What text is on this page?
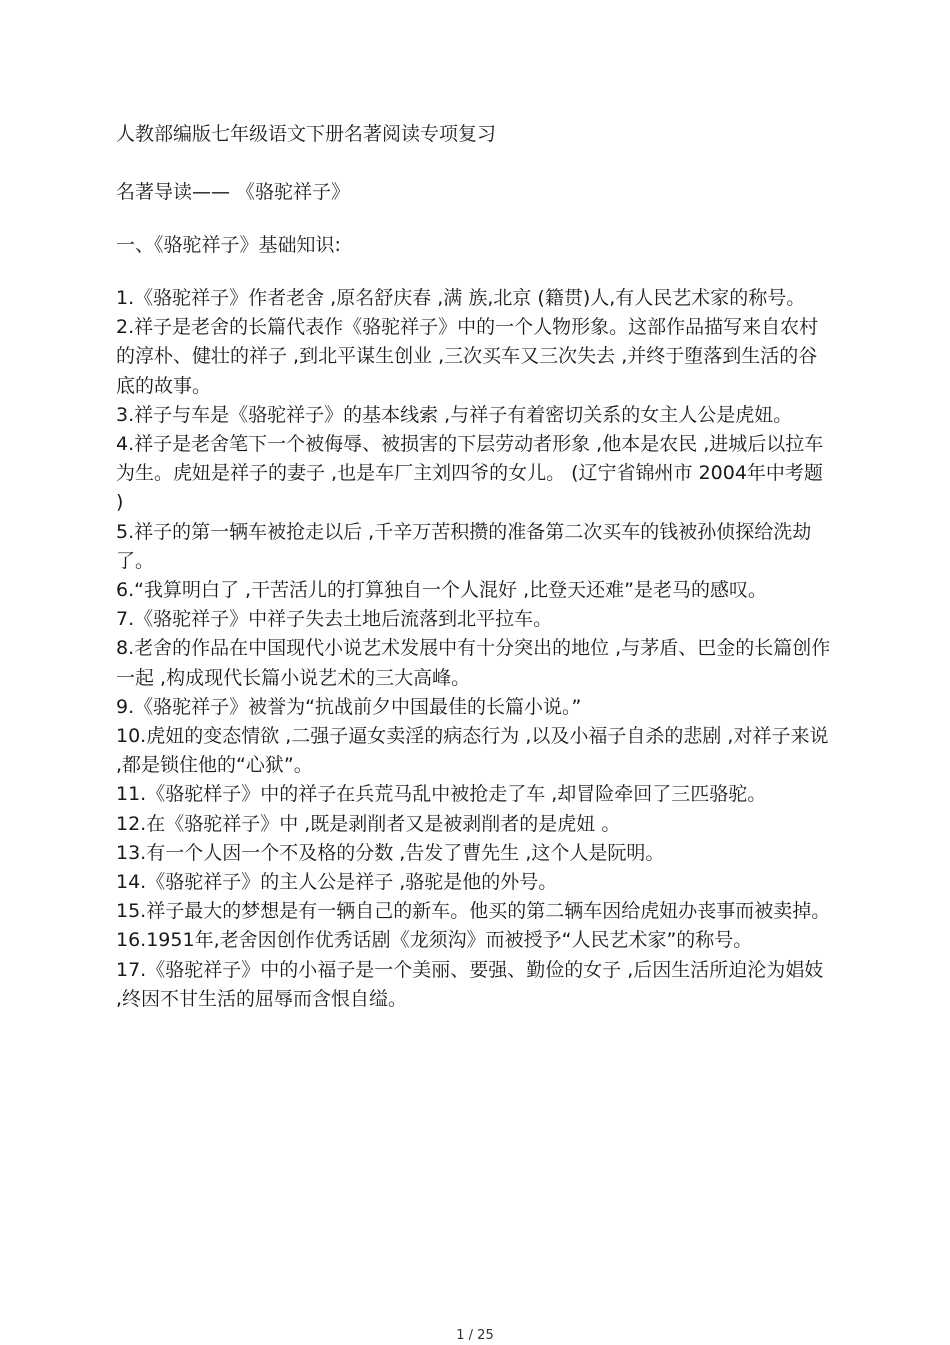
人教部编版七年级语文下册名著阅读专项复习
名著导读—— 《骆驼祥子》
一、《骆驼祥子》基础知识:

1.《骆驼祥子》作者老舍 ,原名舒庆春 ,满 族,北京 (籍贯)人,有人民艺术家的称号。

2.祥子是老舍的长篇代表作《骆驼祥子》中的一个人物形象。这部作品描写来自农村的淳朴、健壮的祥子 ,到北平谋生创业 ,三次买车又三次失去 ,并终于堕落到生活的谷底的故事。

3.祥子与车是《骆驼祥子》的基本线索 ,与祥子有着密切关系的女主人公是虎妞。

4.祥子是老舍笔下一个被侮辱、被损害的下层劳动者形象 ,他本是农民 ,进城后以拉车为生。虎妞是祥子的妻子 ,也是车厂主刘四爷的女儿。 (辽宁省锦州市 2004年中考题 )

5.祥子的第一辆车被抢走以后 ,千辛万苦积攒的准备第二次买车的钱被孙侦探给洗劫了。

6.“我算明白了 ,干苦活儿的打算独自一个人混好 ,比登天还难”是老马的感叹。

7.《骆驼祥子》中祥子失去土地后流落到北平拉车。

8.老舍的作品在中国现代小说艺术发展中有十分突出的地位 ,与茅盾、巴金的长篇创作一起 ,构成现代长篇小说艺术的三大高峰。

9.《骆驼祥子》被誉为“抗战前夕中国最佳的长篇小说。”

10.虎妞的变态情欲 ,二强子逼女卖淫的病态行为 ,以及小福子自杀的悲剧 ,对祥子来说 ,都是锁住他的“心狱”。

11.《骆驼样子》中的祥子在兵荒马乱中被抢走了车 ,却冒险牵回了三匹骆驼。

12.在《骆驼祥子》中 ,既是剥削者又是被剥削者的是虎妞 。

13.有一个人因一个不及格的分数 ,告发了曹先生 ,这个人是阮明。

14.《骆驼祥子》的主人公是祥子 ,骆驼是他的外号。

15.祥子最大的梦想是有一辆自己的新车。他买的第二辆车因给虎妞办丧事而被卖掉。

16.1951年,老舍因创作优秀话剧《龙须沟》而被授予“人民艺术家”的称号。

17.《骆驼祥子》中的小福子是一个美丽、要强、勤俭的女子 ,后因生活所迫沦为娼妓 ,终因不甘生活的屈辱而含恨自缢。

1 / 25
